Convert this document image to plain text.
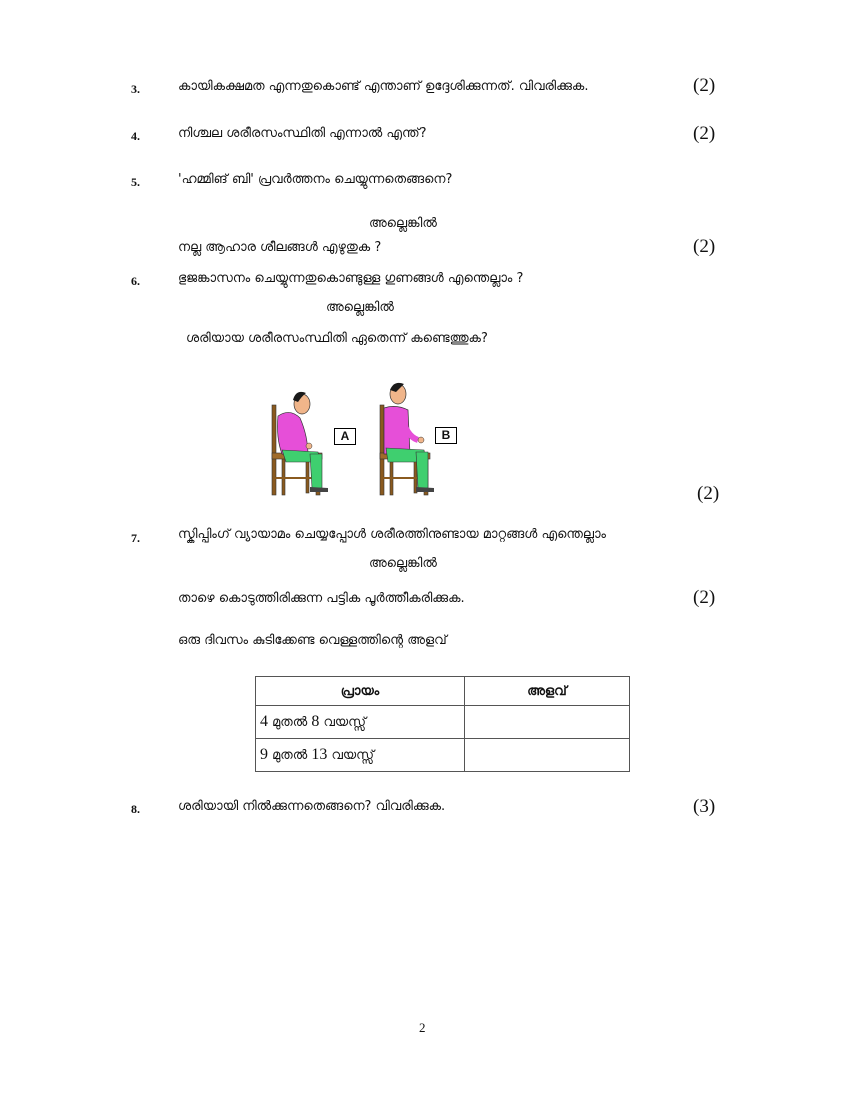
3.	കായികക്ഷമത എന്നതുകൊണ്ട് എന്താണ് ഉദ്ദേശിക്കുന്നത്. വിവരിക്കുക.	(2)
4.	നിശ്ചല ശരീരസംസ്ഥിതി എന്നാൽ എന്ത്?	(2)
5.	'ഹമ്മിങ് ബി' പ്രവർത്തനം ചെയ്യുന്നതെങ്ങനെ?
അല്ലെങ്കിൽ
നല്ല ആഹാര ശീലങ്ങൾ എഴുതുക ?	(2)
6.	ഭുജങ്കാസനം ചെയ്യുന്നതുകൊണ്ടുള്ള ഗുണങ്ങൾ എന്തെല്ലാം ?
അല്ലെങ്കിൽ
ശരിയായ ശരീരസംസ്ഥിതി ഏതെന്ന് കണ്ടെത്തുക?
A	B
(2)
7.	സ്കിപ്പിംഗ് വ്യായാമം ചെയ്യപ്പോൾ ശരീരത്തിനുണ്ടായ മാറ്റങ്ങൾ എന്തെല്ലാം
അല്ലെങ്കിൽ
താഴെ കൊടുത്തിരിക്കുന്ന പട്ടിക പൂർത്തീകരിക്കുക.	(2)
ഒരു ദിവസം കുടിക്കേണ്ട വെള്ളത്തിന്റെ അളവ്
പ്രായം	അളവ്
4 മുതൽ 8 വയസ്സ്	
9 മുതൽ 13 വയസ്സ്	
8.	ശരിയായി നിൽക്കുന്നതെങ്ങനെ? വിവരിക്കുക.	(3)
2
